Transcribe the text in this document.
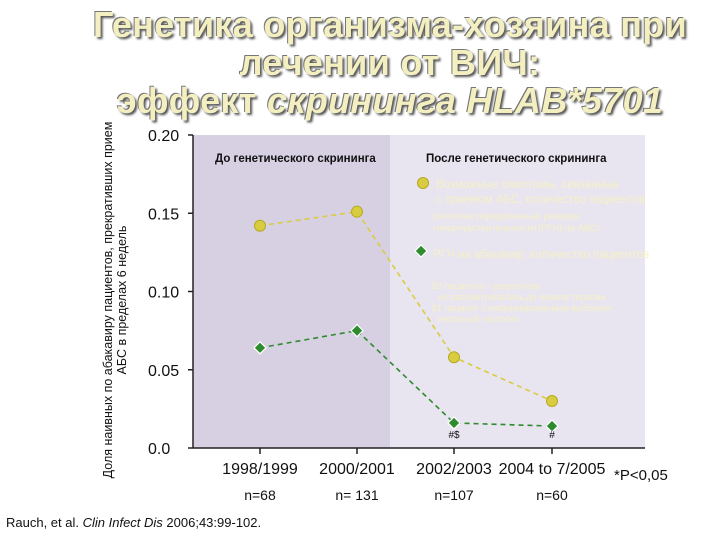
Генетика организма-хозяина при
лечении от ВИЧ:
эффект скрининга HLAB*5701
Доля наивных по абакавиру пациентов, прекративших прием АБС в пределах 6 недель
До генетического скрининга	После генетического скрининга
0.0
0.05
0.10
0.15
0.20
1998/1999
n=68
2000/2001
n= 131
2002/2003
n=107
2004 to 7/2005
n=60
#$	#
Возможные симптомы, связанные с приемом АБС, количество пациентов
(включая определенные реакции гиперчувствительности [РГЧ] на АВС)
РГЧ на абакавир, количество пациентов
$2 пациента – результаты не рассматривались до начала терапии
$1 пациент с информированным выбором/ неполный гаплотип
Rauch, et al. Clin Infect Dis 2006;43:99-102.
*P<0,05
